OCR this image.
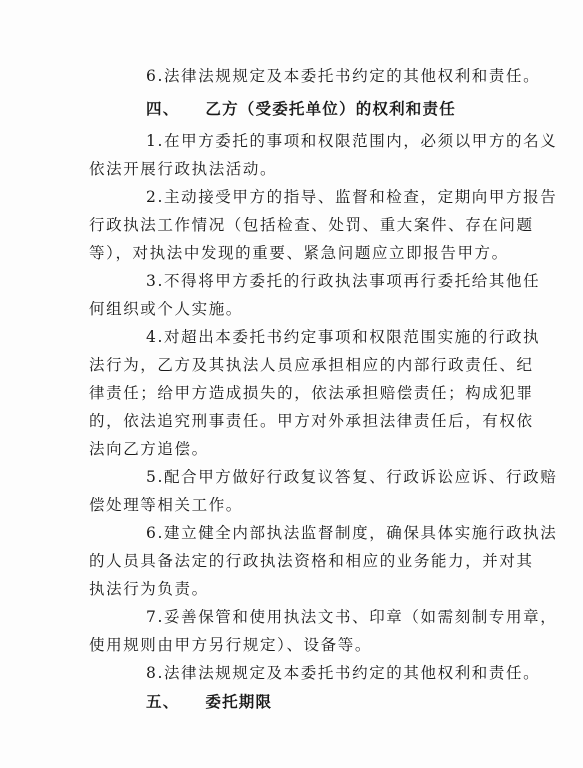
6.法律法规规定及本委托书约定的其他权利和责任。
四、 乙方（受委托单位）的权利和责任
1.在甲方委托的事项和权限范围内，必须以甲方的名义
依法开展行政执法活动。
2.主动接受甲方的指导、监督和检查，定期向甲方报告
行政执法工作情况（包括检查、处罚、重大案件、存在问题
等），对执法中发现的重要、紧急问题应立即报告甲方。
3.不得将甲方委托的行政执法事项再行委托给其他任
何组织或个人实施。
4.对超出本委托书约定事项和权限范围实施的行政执
法行为，乙方及其执法人员应承担相应的内部行政责任、纪
律责任；给甲方造成损失的，依法承担赔偿责任；构成犯罪
的，依法追究刑事责任。甲方对外承担法律责任后，有权依
法向乙方追偿。
5.配合甲方做好行政复议答复、行政诉讼应诉、行政赔
偿处理等相关工作。
6.建立健全内部执法监督制度，确保具体实施行政执法
的人员具备法定的行政执法资格和相应的业务能力，并对其
执法行为负责。
7.妥善保管和使用执法文书、印章（如需刻制专用章，
使用规则由甲方另行规定）、设备等。
8.法律法规规定及本委托书约定的其他权利和责任。
五、 委托期限
